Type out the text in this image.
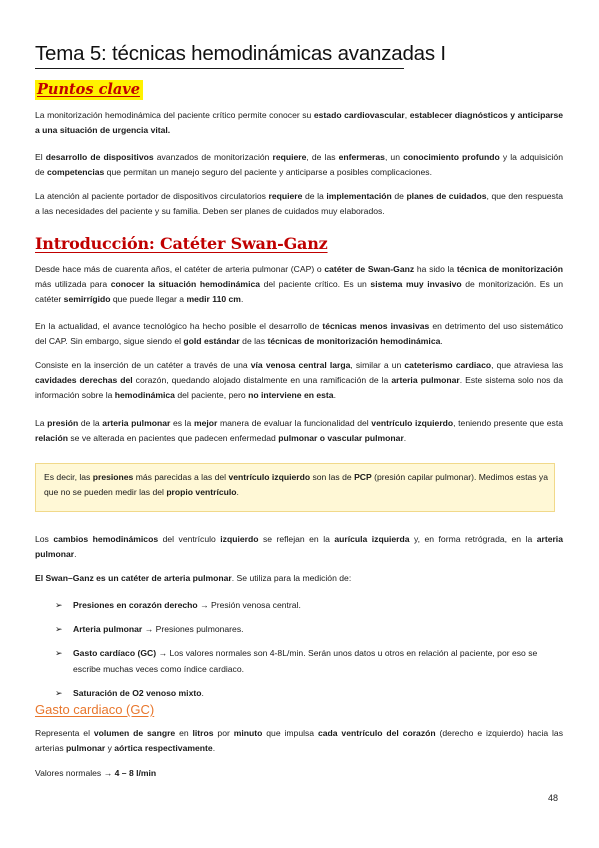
Tema 5: técnicas hemodinámicas avanzadas I
Puntos clave
La monitorización hemodinámica del paciente crítico permite conocer su estado cardiovascular, establecer diagnósticos y anticiparse a una situación de urgencia vital.
El desarrollo de dispositivos avanzados de monitorización requiere, de las enfermeras, un conocimiento profundo y la adquisición de competencias que permitan un manejo seguro del paciente y anticiparse a posibles complicaciones.
La atención al paciente portador de dispositivos circulatorios requiere de la implementación de planes de cuidados, que den respuesta a las necesidades del paciente y su familia. Deben ser planes de cuidados muy elaborados.
Introducción: Catéter Swan-Ganz
Desde hace más de cuarenta años, el catéter de arteria pulmonar (CAP) o catéter de Swan-Ganz ha sido la técnica de monitorización más utilizada para conocer la situación hemodinámica del paciente crítico. Es un sistema muy invasivo de monitorización. Es un catéter semirrígido que puede llegar a medir 110 cm.
En la actualidad, el avance tecnológico ha hecho posible el desarrollo de técnicas menos invasivas en detrimento del uso sistemático del CAP. Sin embargo, sigue siendo el gold estándar de las técnicas de monitorización hemodinámica.
Consiste en la inserción de un catéter a través de una vía venosa central larga, similar a un cateterismo cardiaco, que atraviesa las cavidades derechas del corazón, quedando alojado distalmente en una ramificación de la arteria pulmonar. Este sistema solo nos da información sobre la hemodinámica del paciente, pero no interviene en esta.
La presión de la arteria pulmonar es la mejor manera de evaluar la funcionalidad del ventrículo izquierdo, teniendo presente que esta relación se ve alterada en pacientes que padecen enfermedad pulmonar o vascular pulmonar.
Es decir, las presiones más parecidas a las del ventrículo izquierdo son las de PCP (presión capilar pulmonar). Medimos estas ya que no se pueden medir las del propio ventrículo.
Los cambios hemodinámicos del ventrículo izquierdo se reflejan en la aurícula izquierda y, en forma retrógrada, en la arteria pulmonar.
El Swan–Ganz es un catéter de arteria pulmonar. Se utiliza para la medición de:
➢ Presiones en corazón derecho → Presión venosa central.
➢ Arteria pulmonar → Presiones pulmonares.
➢ Gasto cardíaco (GC) → Los valores normales son 4-8L/min. Serán unos datos u otros en relación al paciente, por eso se escribe muchas veces como índice cardiaco.
➢ Saturación de O2 venoso mixto.
Gasto cardiaco (GC)
Representa el volumen de sangre en litros por minuto que impulsa cada ventrículo del corazón (derecho e izquierdo) hacia las arterias pulmonar y aórtica respectivamente.
Valores normales → 4 – 8 l/min
48
